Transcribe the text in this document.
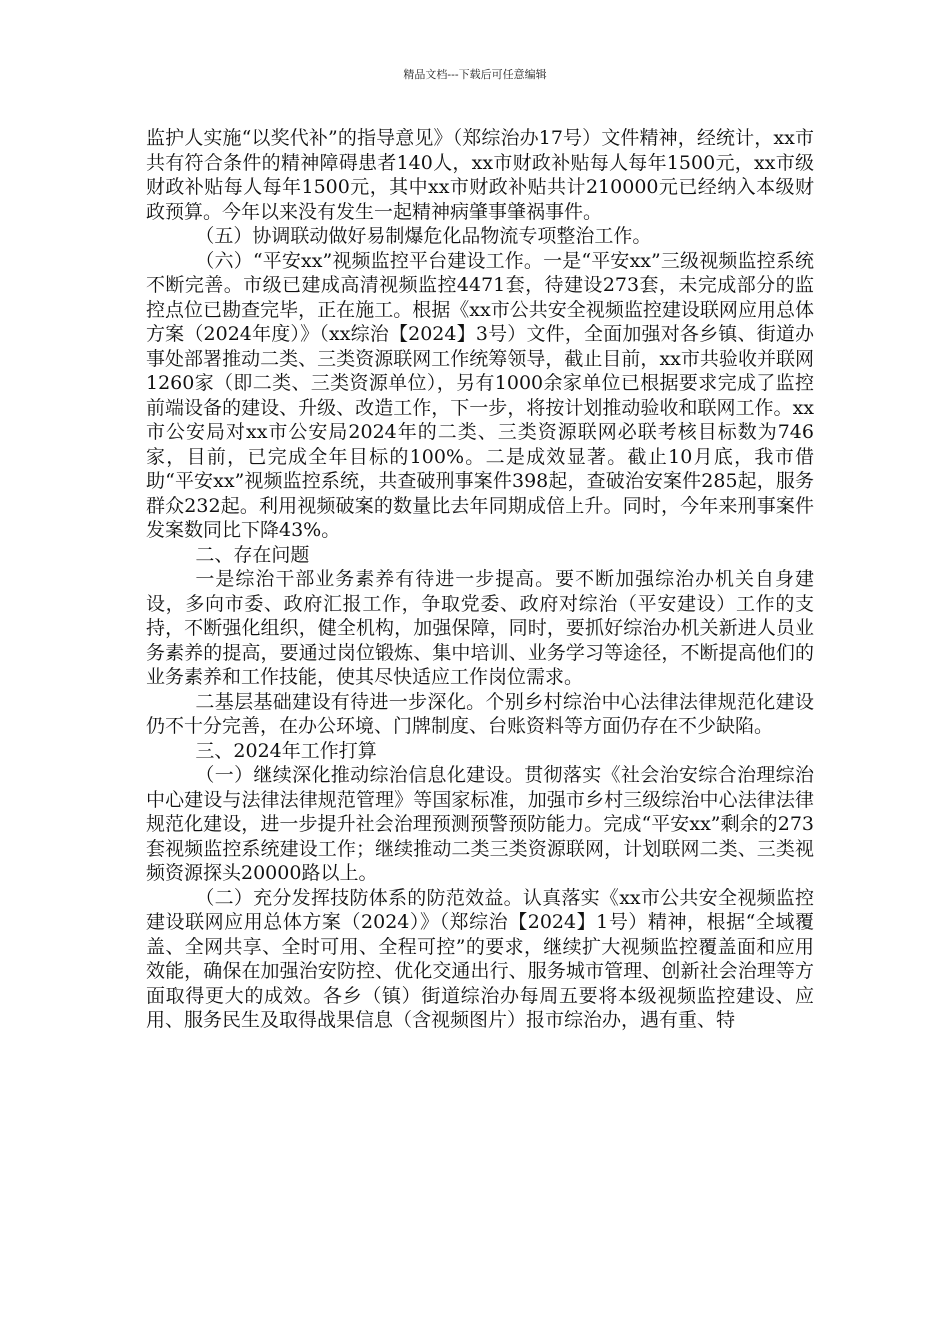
精品文档---下载后可任意编辑

监护人实施“以奖代补”的指导意见》（郑综治办17号）文件精神，经统计，xx市共有符合条件的精神障碍患者140人，xx市财政补贴每人每年1500元，xx市级财政补贴每人每年1500元，其中xx市财政补贴共计210000元已经纳入本级财政预算。今年以来没有发生一起精神病肇事肇祸事件。

（五）协调联动做好易制爆危化品物流专项整治工作。

（六）“平安xx”视频监控平台建设工作。一是“平安xx”三级视频监控系统不断完善。市级已建成高清视频监控4471套，待建设273套，未完成部分的监控点位已勘查完毕，正在施工。根据《xx市公共安全视频监控建设联网应用总体方案（2024年度）》（xx综治【2024】3号）文件，全面加强对各乡镇、街道办事处部署推动二类、三类资源联网工作统筹领导，截止目前，xx市共验收并联网1260家（即二类、三类资源单位），另有1000余家单位已根据要求完成了监控前端设备的建设、升级、改造工作，下一步，将按计划推动验收和联网工作。xx市公安局对xx市公安局2024年的二类、三类资源联网必联考核目标数为746家，目前，已完成全年目标的100%。二是成效显著。截止10月底，我市借助“平安xx”视频监控系统，共查破刑事案件398起，查破治安案件285起，服务群众232起。利用视频破案的数量比去年同期成倍上升。同时，今年来刑事案件发案数同比下降43%。

二、存在问题

一是综治干部业务素养有待进一步提高。要不断加强综治办机关自身建设，多向市委、政府汇报工作，争取党委、政府对综治（平安建设）工作的支持，不断强化组织，健全机构，加强保障，同时，要抓好综治办机关新进人员业务素养的提高，要通过岗位锻炼、集中培训、业务学习等途径，不断提高他们的业务素养和工作技能，使其尽快适应工作岗位需求。

二基层基础建设有待进一步深化。个别乡村综治中心法律法律规范化建设仍不十分完善，在办公环境、门牌制度、台账资料等方面仍存在不少缺陷。

三、2024年工作打算

（一）继续深化推动综治信息化建设。贯彻落实《社会治安综合治理综治中心建设与法律法律规范管理》等国家标准，加强市乡村三级综治中心法律法律规范化建设，进一步提升社会治理预测预警预防能力。完成“平安xx”剩余的273套视频监控系统建设工作；继续推动二类三类资源联网，计划联网二类、三类视频资源探头20000路以上。

（二）充分发挥技防体系的防范效益。认真落实《xx市公共安全视频监控建设联网应用总体方案（2024）》（郑综治【2024】1号）精神，根据“全域覆盖、全网共享、全时可用、全程可控”的要求，继续扩大视频监控覆盖面和应用效能，确保在加强治安防控、优化交通出行、服务城市管理、创新社会治理等方面取得更大的成效。各乡（镇）街道综治办每周五要将本级视频监控建设、应用、服务民生及取得战果信息（含视频图片）报市综治办，遇有重、特
